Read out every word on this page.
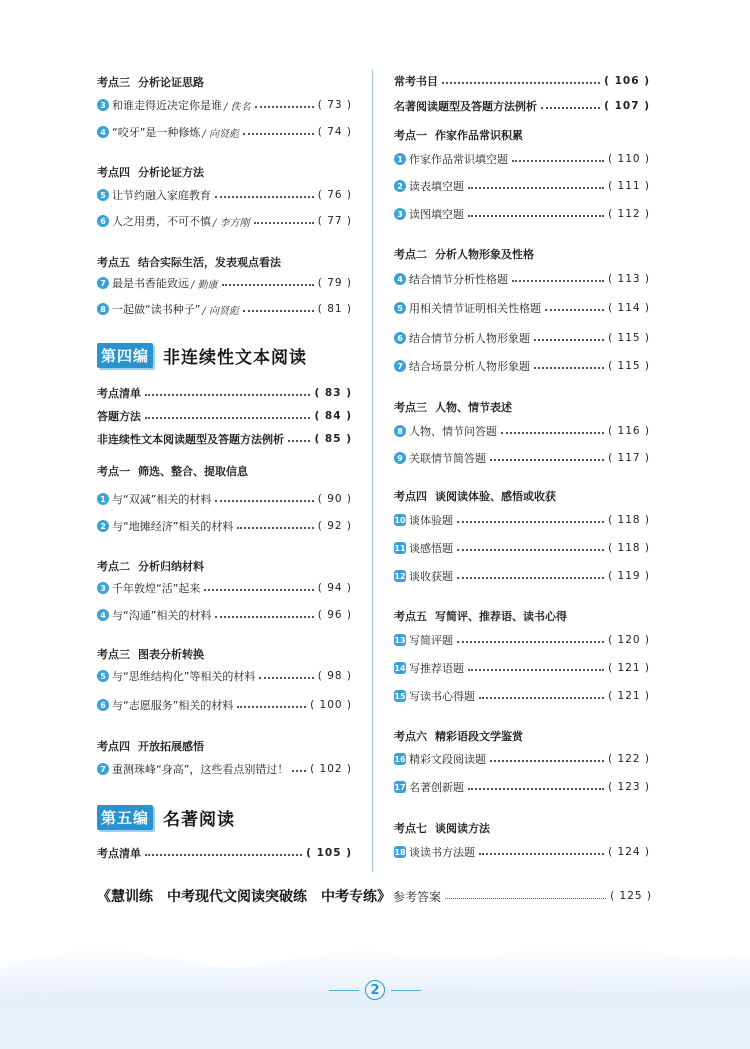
考点三 分析论证思路
3 和谁走得近决定你是谁 / 佚名	( 73 )
4 “咬牙”是一种修炼 / 向贤彪	( 74 )
考点四 分析论证方法
5 让节约融入家庭教育	( 76 )
6 人之用勇，不可不慎 / 李方刚	( 77 )
考点五 结合实际生活，发表观点看法
7 最是书香能致远 / 勤康	( 79 )
8 一起做“读书种子” / 向贤彪	( 81 )
第四编 非连续性文本阅读
考点清单	( 83 )
答题方法	( 84 )
非连续性文本阅读题型及答题方法例析	( 85 )
考点一 筛选、整合、提取信息
1 与“双减”相关的材料	( 90 )
2 与“地摊经济”相关的材料	( 92 )
考点二 分析归纳材料
3 千年敦煌“活”起来	( 94 )
4 与“沟通”相关的材料	( 96 )
考点三 图表分析转换
5 与“思维结构化”等相关的材料	( 98 )
6 与“志愿服务”相关的材料	( 100 )
考点四 开放拓展感悟
7 重测珠峰“身高”，这些看点别错过！ ( 102 )
第五编 名著阅读
考点清单	( 105 )
常考书目	( 106 )
名著阅读题型及答题方法例析	( 107 )
考点一 作家作品常识积累
1 作家作品常识填空题	( 110 )
2 读表填空题	( 111 )
3 读图填空题	( 112 )
考点二 分析人物形象及性格
4 结合情节分析性格题	( 113 )
5 用相关情节证明相关性格题	( 114 )
6 结合情节分析人物形象题	( 115 )
7 结合场景分析人物形象题	( 115 )
考点三 人物、情节表述
8 人物、情节问答题	( 116 )
9 关联情节简答题	( 117 )
考点四 谈阅读体验、感悟或收获
10 谈体验题	( 118 )
11 谈感悟题	( 118 )
12 谈收获题	( 119 )
考点五 写简评、推荐语、读书心得
13 写简评题	( 120 )
14 写推荐语题	( 121 )
15 写读书心得题	( 121 )
考点六 精彩语段文学鉴赏
16 精彩文段阅读题	( 122 )
17 名著创新题	( 123 )
考点七 谈阅读方法
18 谈读书方法题	( 124 )
《慧训练　中考现代文阅读突破练　中考专练》 参考答案	( 125 )
2
